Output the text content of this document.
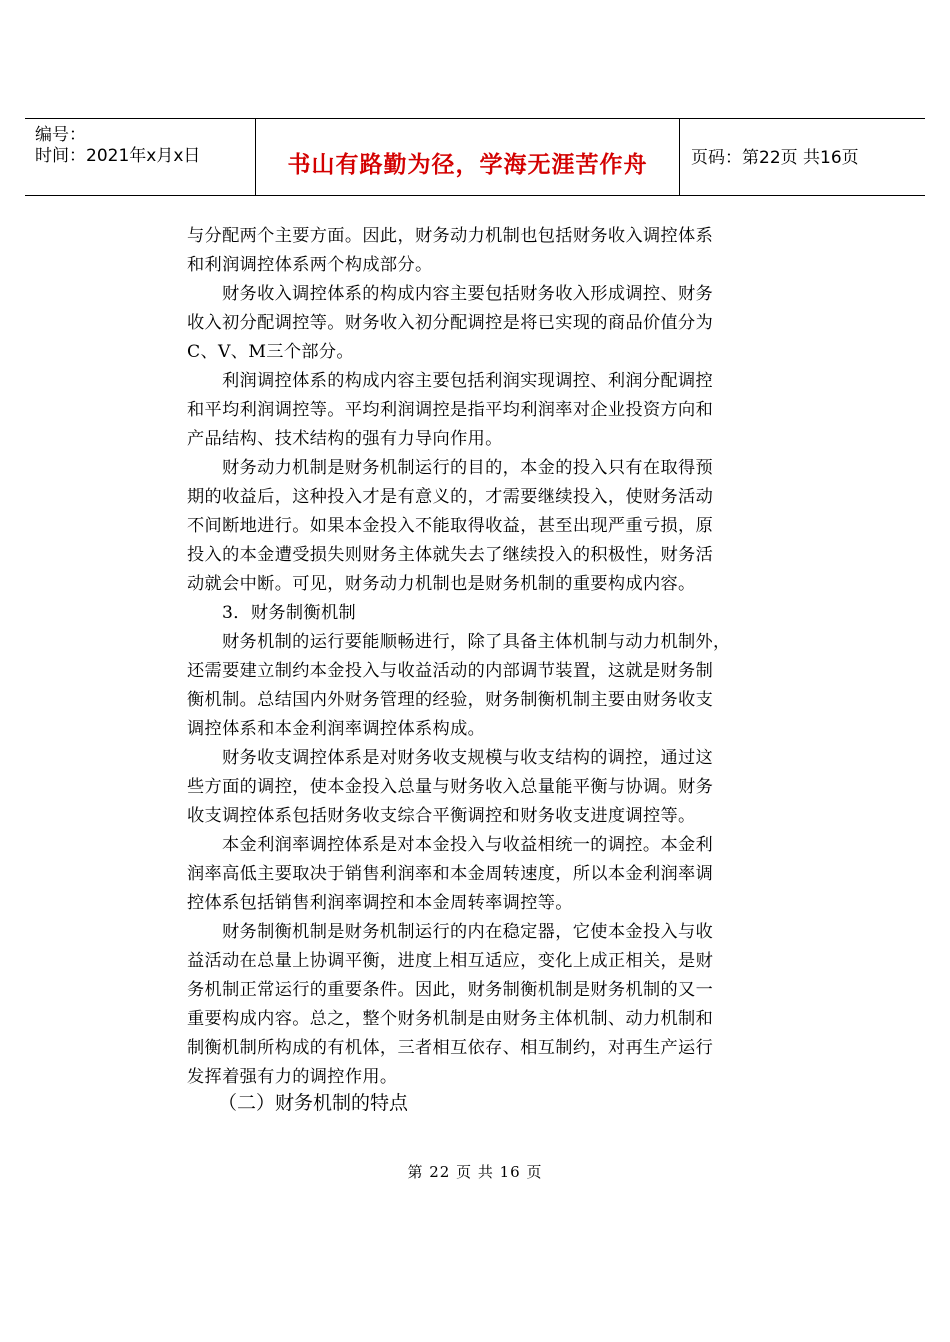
编号：
时间：2021年x月x日	书山有路勤为径，学海无涯苦作舟	页码：第22页 共16页
与分配两个主要方面。因此，财务动力机制也包括财务收入调控体系
和利润调控体系两个构成部分。
财务收入调控体系的构成内容主要包括财务收入形成调控、财务
收入初分配调控等。财务收入初分配调控是将已实现的商品价值分为
C、V、M三个部分。
利润调控体系的构成内容主要包括利润实现调控、利润分配调控
和平均利润调控等。平均利润调控是指平均利润率对企业投资方向和
产品结构、技术结构的强有力导向作用。
财务动力机制是财务机制运行的目的，本金的投入只有在取得预
期的收益后，这种投入才是有意义的，才需要继续投入，使财务活动
不间断地进行。如果本金投入不能取得收益，甚至出现严重亏损，原
投入的本金遭受损失则财务主体就失去了继续投入的积极性，财务活
动就会中断。可见，财务动力机制也是财务机制的重要构成内容。
3．财务制衡机制
财务机制的运行要能顺畅进行，除了具备主体机制与动力机制外，
还需要建立制约本金投入与收益活动的内部调节装置，这就是财务制
衡机制。总结国内外财务管理的经验，财务制衡机制主要由财务收支
调控体系和本金利润率调控体系构成。
财务收支调控体系是对财务收支规模与收支结构的调控，通过这
些方面的调控，使本金投入总量与财务收入总量能平衡与协调。财务
收支调控体系包括财务收支综合平衡调控和财务收支进度调控等。
本金利润率调控体系是对本金投入与收益相统一的调控。本金利
润率高低主要取决于销售利润率和本金周转速度，所以本金利润率调
控体系包括销售利润率调控和本金周转率调控等。
财务制衡机制是财务机制运行的内在稳定器，它使本金投入与收
益活动在总量上协调平衡，进度上相互适应，变化上成正相关，是财
务机制正常运行的重要条件。因此，财务制衡机制是财务机制的又一
重要构成内容。总之，整个财务机制是由财务主体机制、动力机制和
制衡机制所构成的有机体，三者相互依存、相互制约，对再生产运行
发挥着强有力的调控作用。
（二）财务机制的特点
第 22 页 共 16 页
